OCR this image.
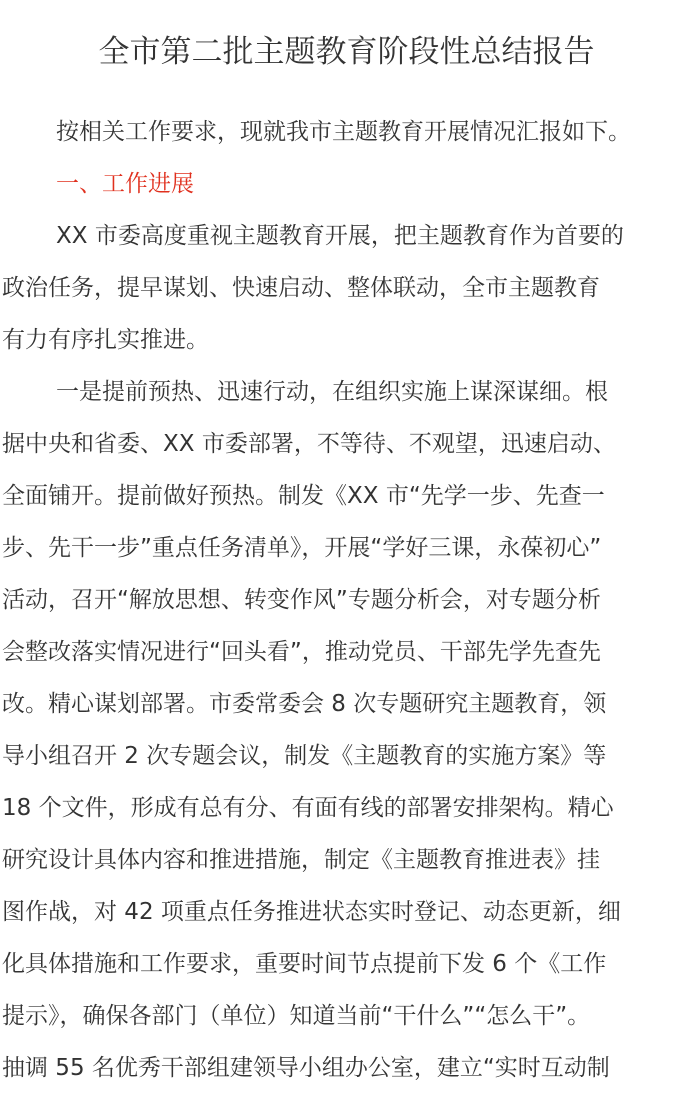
全市第二批主题教育阶段性总结报告
按相关工作要求，现就我市主题教育开展情况汇报如下。
一、工作进展
XX 市委高度重视主题教育开展，把主题教育作为首要的
政治任务，提早谋划、快速启动、整体联动，全市主题教育
有力有序扎实推进。
一是提前预热、迅速行动，在组织实施上谋深谋细。根
据中央和省委、XX 市委部署，不等待、不观望，迅速启动、
全面铺开。提前做好预热。制发《XX 市“先学一步、先查一
步、先干一步”重点任务清单》，开展“学好三课，永葆初心”
活动，召开“解放思想、转变作风”专题分析会，对专题分析
会整改落实情况进行“回头看”，推动党员、干部先学先查先
改。精心谋划部署。市委常委会 8 次专题研究主题教育，领
导小组召开 2 次专题会议，制发《主题教育的实施方案》等
18 个文件，形成有总有分、有面有线的部署安排架构。精心
研究设计具体内容和推进措施，制定《主题教育推进表》挂
图作战，对 42 项重点任务推进状态实时登记、动态更新，细
化具体措施和工作要求，重要时间节点提前下发 6 个《工作
提示》，确保各部门（单位）知道当前“干什么”“怎么干”。
抽调 55 名优秀干部组建领导小组办公室，建立“实时互动制
